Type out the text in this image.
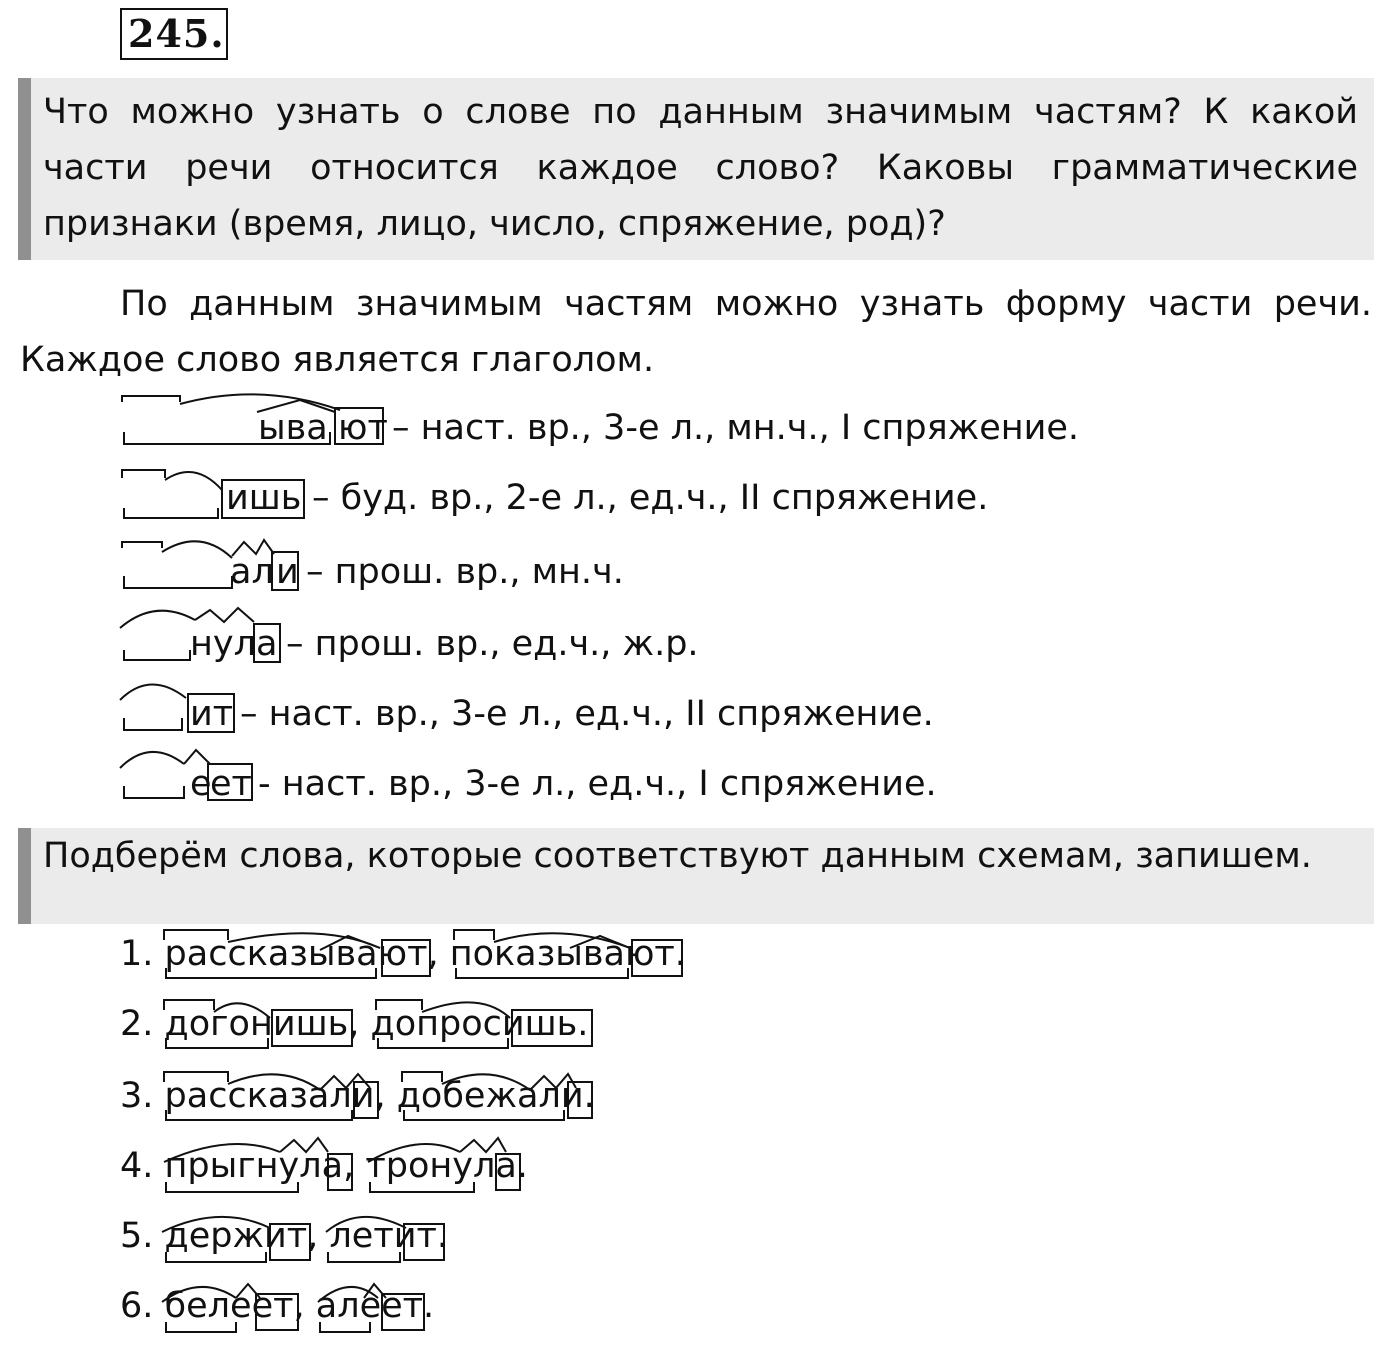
245.
Что можно узнать о слове по данным значимым частям? К какой части речи относится каждое слово? Каковы грамматические признаки (время, лицо, число, спряжение, род)?

По данным значимым частям можно узнать форму части речи. Каждое слово является глаголом.

ыва ют – наст. вр., 3-е л., мн.ч., I спряжение.
ишь – буд. вр., 2-е л., ед.ч., II спряжение.
ал и – прош. вр., мн.ч.
нул а – прош. вр., ед.ч., ж.р.
ит – наст. вр., 3-е л., ед.ч., II спряжение.
е
ет - наст. вр., 3-е л., ед.ч., I спряжение.
Подберём слова, которые соответствуют данным схемам, запишем.
1. рассказывают, показывают.
2. догонишь, допросишь.
3. рассказали, добежали.
4. прыгнула, тронула.
5. держит, летит.
6. белеет, алеет.
